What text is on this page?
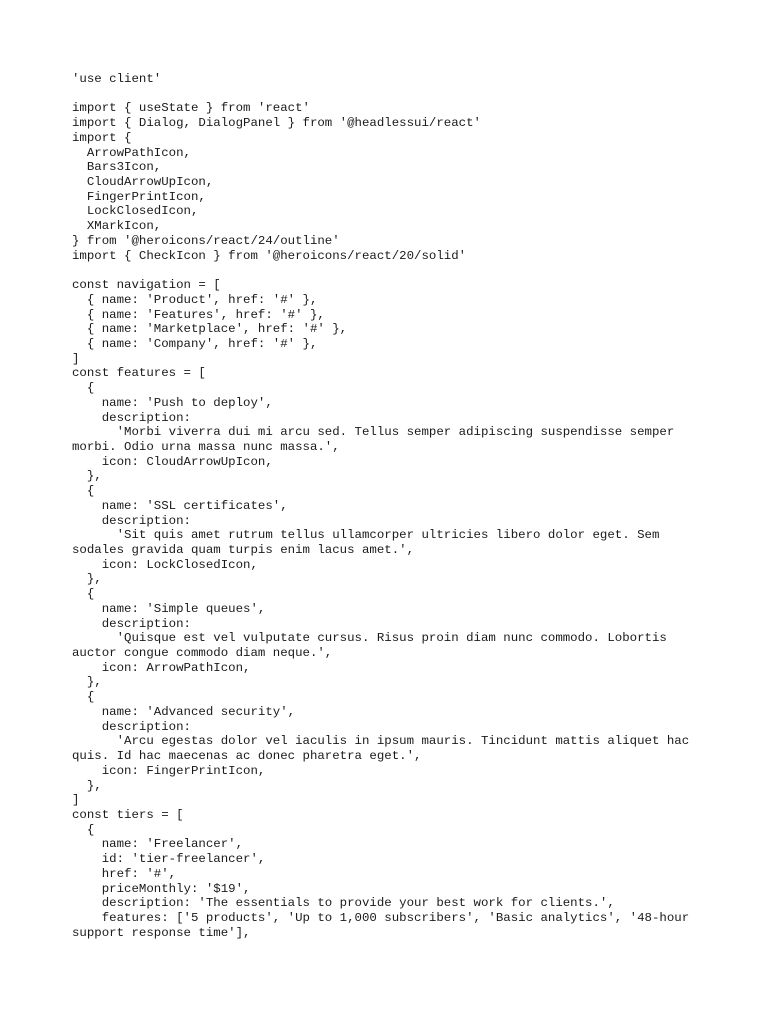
'use client'
import { useState } from 'react'
import { Dialog, DialogPanel } from '@headlessui/react'
import {
ArrowPathIcon,
Bars3Icon,
CloudArrowUpIcon,
FingerPrintIcon,
LockClosedIcon,
XMarkIcon,
} from '@heroicons/react/24/outline'
import { CheckIcon } from '@heroicons/react/20/solid'
const navigation = [
{ name: 'Product', href: '#' },
{ name: 'Features', href: '#' },
{ name: 'Marketplace', href: '#' },
{ name: 'Company', href: '#' },
]
const features = [
{
name: 'Push to deploy',
description:
'Morbi viverra dui mi arcu sed. Tellus semper adipiscing suspendisse semper
morbi. Odio urna massa nunc massa.',
icon: CloudArrowUpIcon,
},
{
name: 'SSL certificates',
description:
'Sit quis amet rutrum tellus ullamcorper ultricies libero dolor eget. Sem
sodales gravida quam turpis enim lacus amet.',
icon: LockClosedIcon,
},
{
name: 'Simple queues',
description:
'Quisque est vel vulputate cursus. Risus proin diam nunc commodo. Lobortis
auctor congue commodo diam neque.',
icon: ArrowPathIcon,
},
{
name: 'Advanced security',
description:
'Arcu egestas dolor vel iaculis in ipsum mauris. Tincidunt mattis aliquet hac
quis. Id hac maecenas ac donec pharetra eget.',
icon: FingerPrintIcon,
},
]
const tiers = [
{
name: 'Freelancer',
id: 'tier-freelancer',
href: '#',
priceMonthly: '$19',
description: 'The essentials to provide your best work for clients.',
features: ['5 products', 'Up to 1,000 subscribers', 'Basic analytics', '48-hour
support response time'],
